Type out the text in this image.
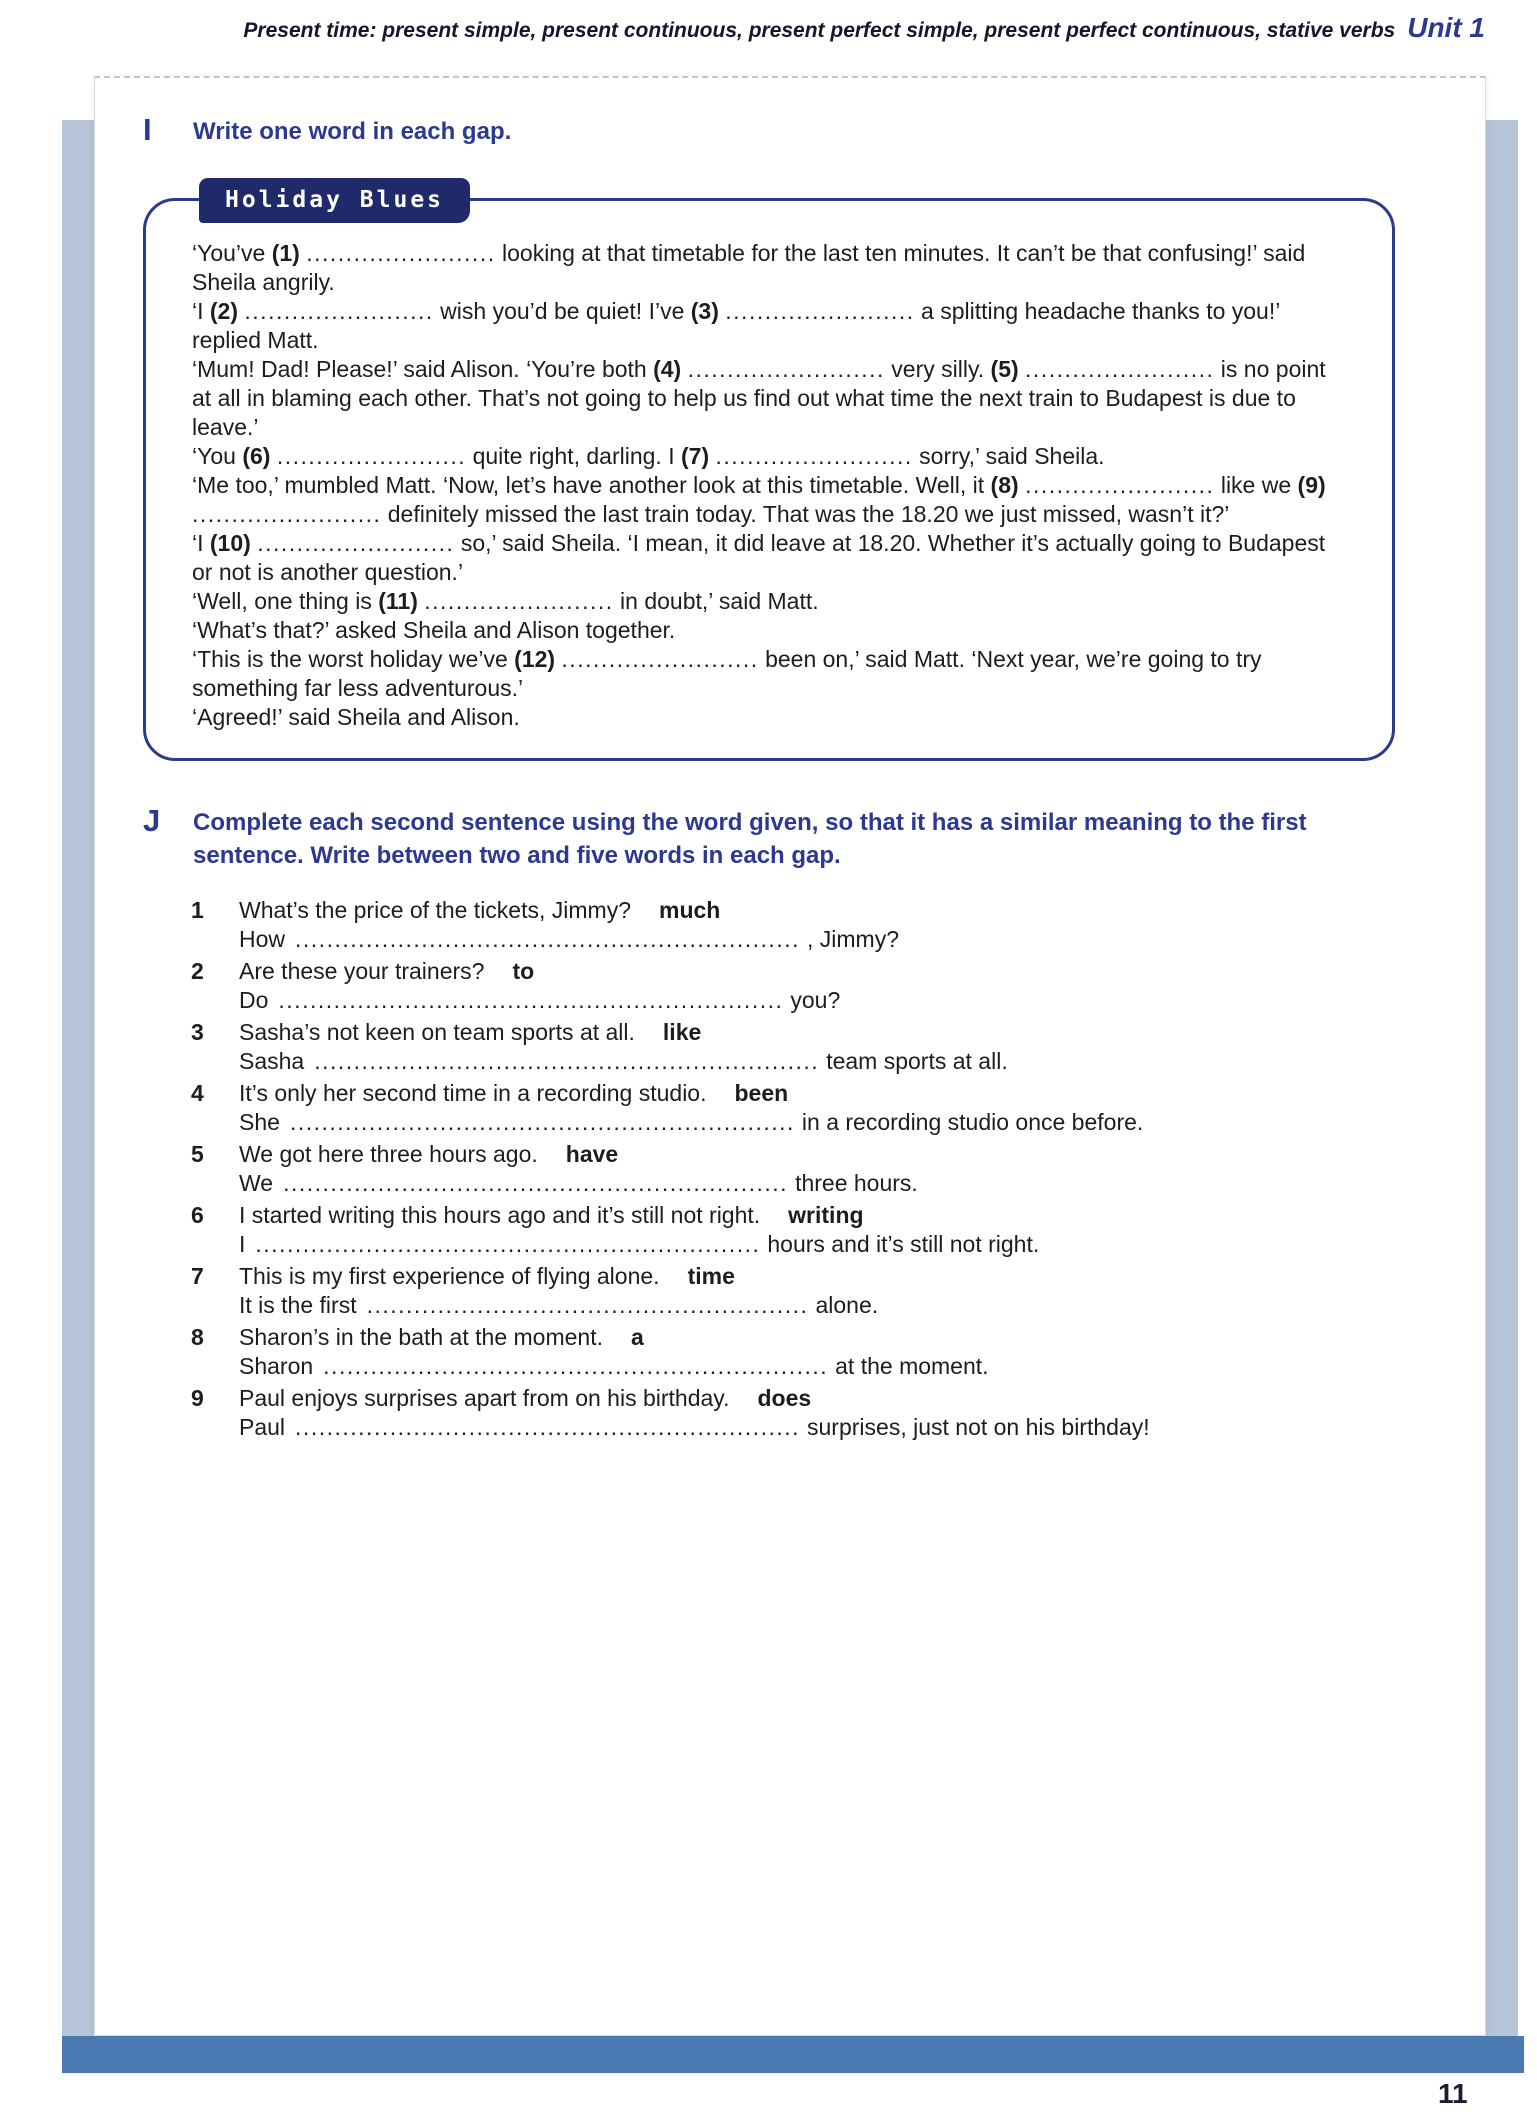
Present time: present simple, present continuous, present perfect simple, present perfect continuous, stative verbs Unit 1
I	Write one word in each gap.
Holiday Blues

‘You’ve (1) ........................ looking at that timetable for the last ten minutes. It can’t be that confusing!’ said Sheila angrily.

‘I (2) ........................ wish you’d be quiet! I’ve (3) ........................ a splitting headache thanks to you!’ replied Matt.

‘Mum! Dad! Please!’ said Alison. ‘You’re both (4) ......................... very silly. (5) ........................ is no point at all in blaming each other. That’s not going to help us find out what time the next train to Budapest is due to leave.’

‘You (6) ........................ quite right, darling. I (7) ......................... sorry,’ said Sheila.

‘Me too,’ mumbled Matt. ‘Now, let’s have another look at this timetable. Well, it (8) ........................ like we (9) ........................ definitely missed the last train today. That was the 18.20 we just missed, wasn’t it?’

‘I (10) ......................... so,’ said Sheila. ‘I mean, it did leave at 18.20. Whether it’s actually going to Budapest or not is another question.’

‘Well, one thing is (11) ........................ in doubt,’ said Matt.

‘What’s that?’ asked Sheila and Alison together.

‘This is the worst holiday we’ve (12) ......................... been on,’ said Matt. ‘Next year, we’re going to try something far less adventurous.’

‘Agreed!’ said Sheila and Alison.

J	Complete each second sentence using the word given, so that it has a similar meaning to the first sentence. Write between two and five words in each gap.
1	What’s the price of the tickets, Jimmy? much
How ................................................................ , Jimmy?
2	Are these your trainers? to
Do ................................................................ you?
3	Sasha’s not keen on team sports at all. like
Sasha ................................................................ team sports at all.
4	It’s only her second time in a recording studio. been
She ................................................................ in a recording studio once before.
5	We got here three hours ago. have
We ................................................................ three hours.
6	I started writing this hours ago and it’s still not right. writing
I ................................................................ hours and it’s still not right.
7	This is my first experience of flying alone. time
It is the first ........................................................ alone.
8	Sharon’s in the bath at the moment. a
Sharon ................................................................ at the moment.
9	Paul enjoys surprises apart from on his birthday. does
Paul ................................................................ surprises, just not on his birthday!
11
